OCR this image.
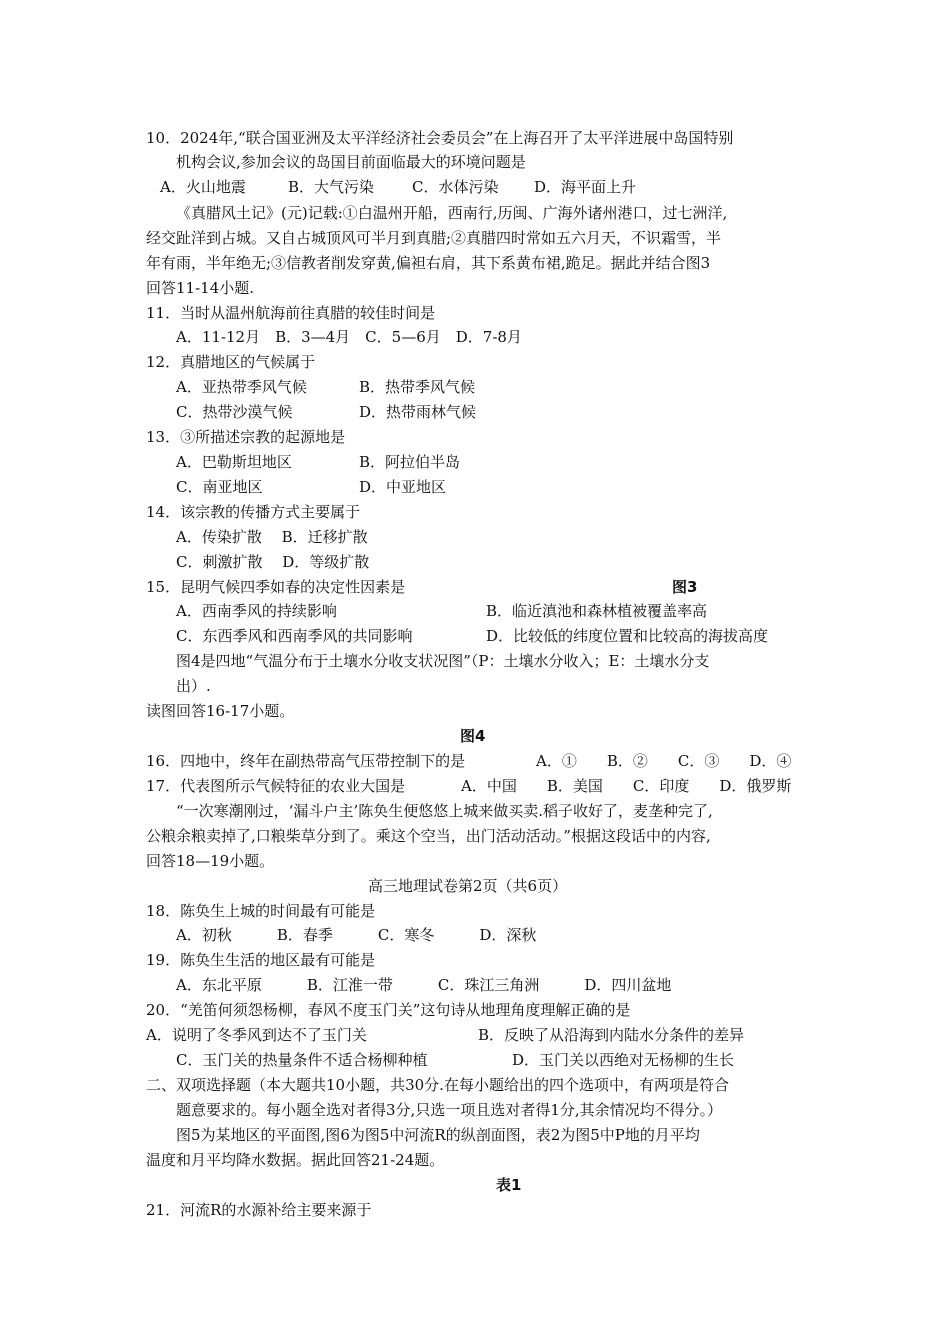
10．2024年,“联合国亚洲及太平洋经济社会委员会”在上海召开了太平洋进展中岛国特别
机构会议,参加会议的岛国目前面临最大的环境问题是
A．火山地震	B．大气污染	C．水体污染 D．海平面上升
《真腊风土记》(元)记载:①白温州开船，西南行,历闽、广海外诸州港口，过七洲洋,
经交趾洋到占城。又自占城顶风可半月到真腊;②真腊四时常如五六月天，不识霜雪，半
年有雨，半年绝无;③信教者削发穿黄,偏袒右肩，其下系黄布裙,跪足。据此并结合图3
回答11-14小题.
11．当时从温州航海前往真腊的较佳时间是
A．11-12月　B．3—4月　C．5—6月　D．7-8月
12．真腊地区的气候属于
A．亚热带季风气候	B．热带季风气候
C．热带沙漠气候	D．热带雨林气候
13．③所描述宗教的起源地是
A．巴勒斯坦地区	B．阿拉伯半岛
C．南亚地区	D．中亚地区
14．该宗教的传播方式主要属于
A．传染扩散　 B．迁移扩散
C．刺激扩散　 D．等级扩散
15．昆明气候四季如春的决定性因素是	图3
A．西南季风的持续影响	B．临近滇池和森林植被覆盖率高
C．东西季风和西南季风的共同影响	D．比较低的纬度位置和比较高的海拔高度
图4是四地“气温分布于土壤水分收支状况图”（P：土壤水分收入；E：土壤水分支
出）.
读图回答16-17小题。
图4
16．四地中，终年在副热带高气压带控制下的是	A．①　　B．②　　C．③　　D．④
17．代表图所示气候特征的农业大国是	A．中国　　B．美国　　C．印度　　D．俄罗斯
“一次寒潮刚过，‘漏斗户主’陈奂生便悠悠上城来做买卖.稻子收好了，麦垄种完了,
公粮余粮卖掉了,口粮柴草分到了。乘这个空当，出门活动活动。”根据这段话中的内容,
回答18—19小题。
高三地理试卷第2页（共6页）
18．陈奂生上城的时间最有可能是
A．初秋　　　B．春季　　　C．寒冬　　　D．深秋
19．陈奂生生活的地区最有可能是
A．东北平原　　　B．江淮一带　　　C．珠江三角洲　　　D．四川盆地
20．“羌笛何须怨杨柳，春风不度玉门关”这句诗从地理角度理解正确的是
A．说明了冬季风到达不了玉门关	B．反映了从沿海到内陆水分条件的差异
C．玉门关的热量条件不适合杨柳种植	D．玉门关以西绝对无杨柳的生长
二、双项选择题（本大题共10小题，共30分.在每小题给出的四个选项中，有两项是符合
题意要求的。每小题全选对者得3分,只选一项且选对者得1分,其余情况均不得分。）
图5为某地区的平面图,图6为图5中河流R的纵剖面图，表2为图5中P地的月平均
温度和月平均降水数据。据此回答21-24题。
表1
21．河流R的水源补给主要来源于
